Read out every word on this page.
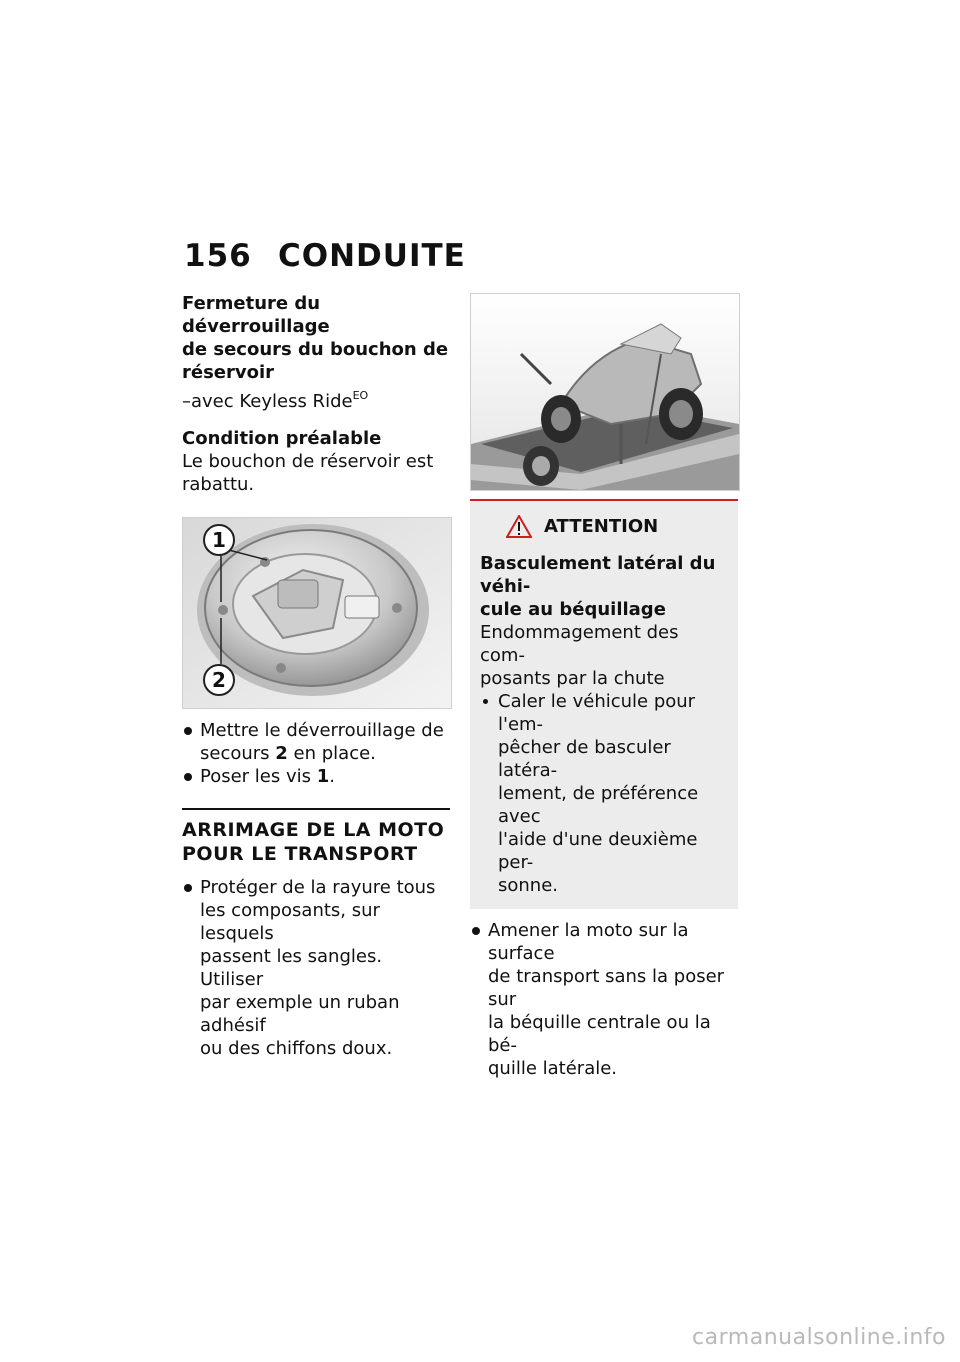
156 CONDUITE
Fermeture du déverrouillage
de secours du bouchon de
réservoir
–avec Keyless Ride$^{EO}$
Condition préalable
Le bouchon de réservoir est
rabattu.
1
2
Mettre le déverrouillage de
secours 2 en place.
Poser les vis 1.
ARRIMAGE DE LA MOTO
POUR LE TRANSPORT
Protéger de la rayure tous
les composants, sur lesquels
passent les sangles. Utiliser
par exemple un ruban adhésif
ou des chiffons doux.
ATTENTION
Basculement latéral du véhi-
cule au béquillage
Endommagement des com-
posants par la chute
Caler le véhicule pour l'em-
pêcher de basculer latéra-
lement, de préférence avec
l'aide d'une deuxième per-
sonne.
Amener la moto sur la surface
de transport sans la poser sur
la béquille centrale ou la bé-
quille latérale.
carmanualsonline.info
